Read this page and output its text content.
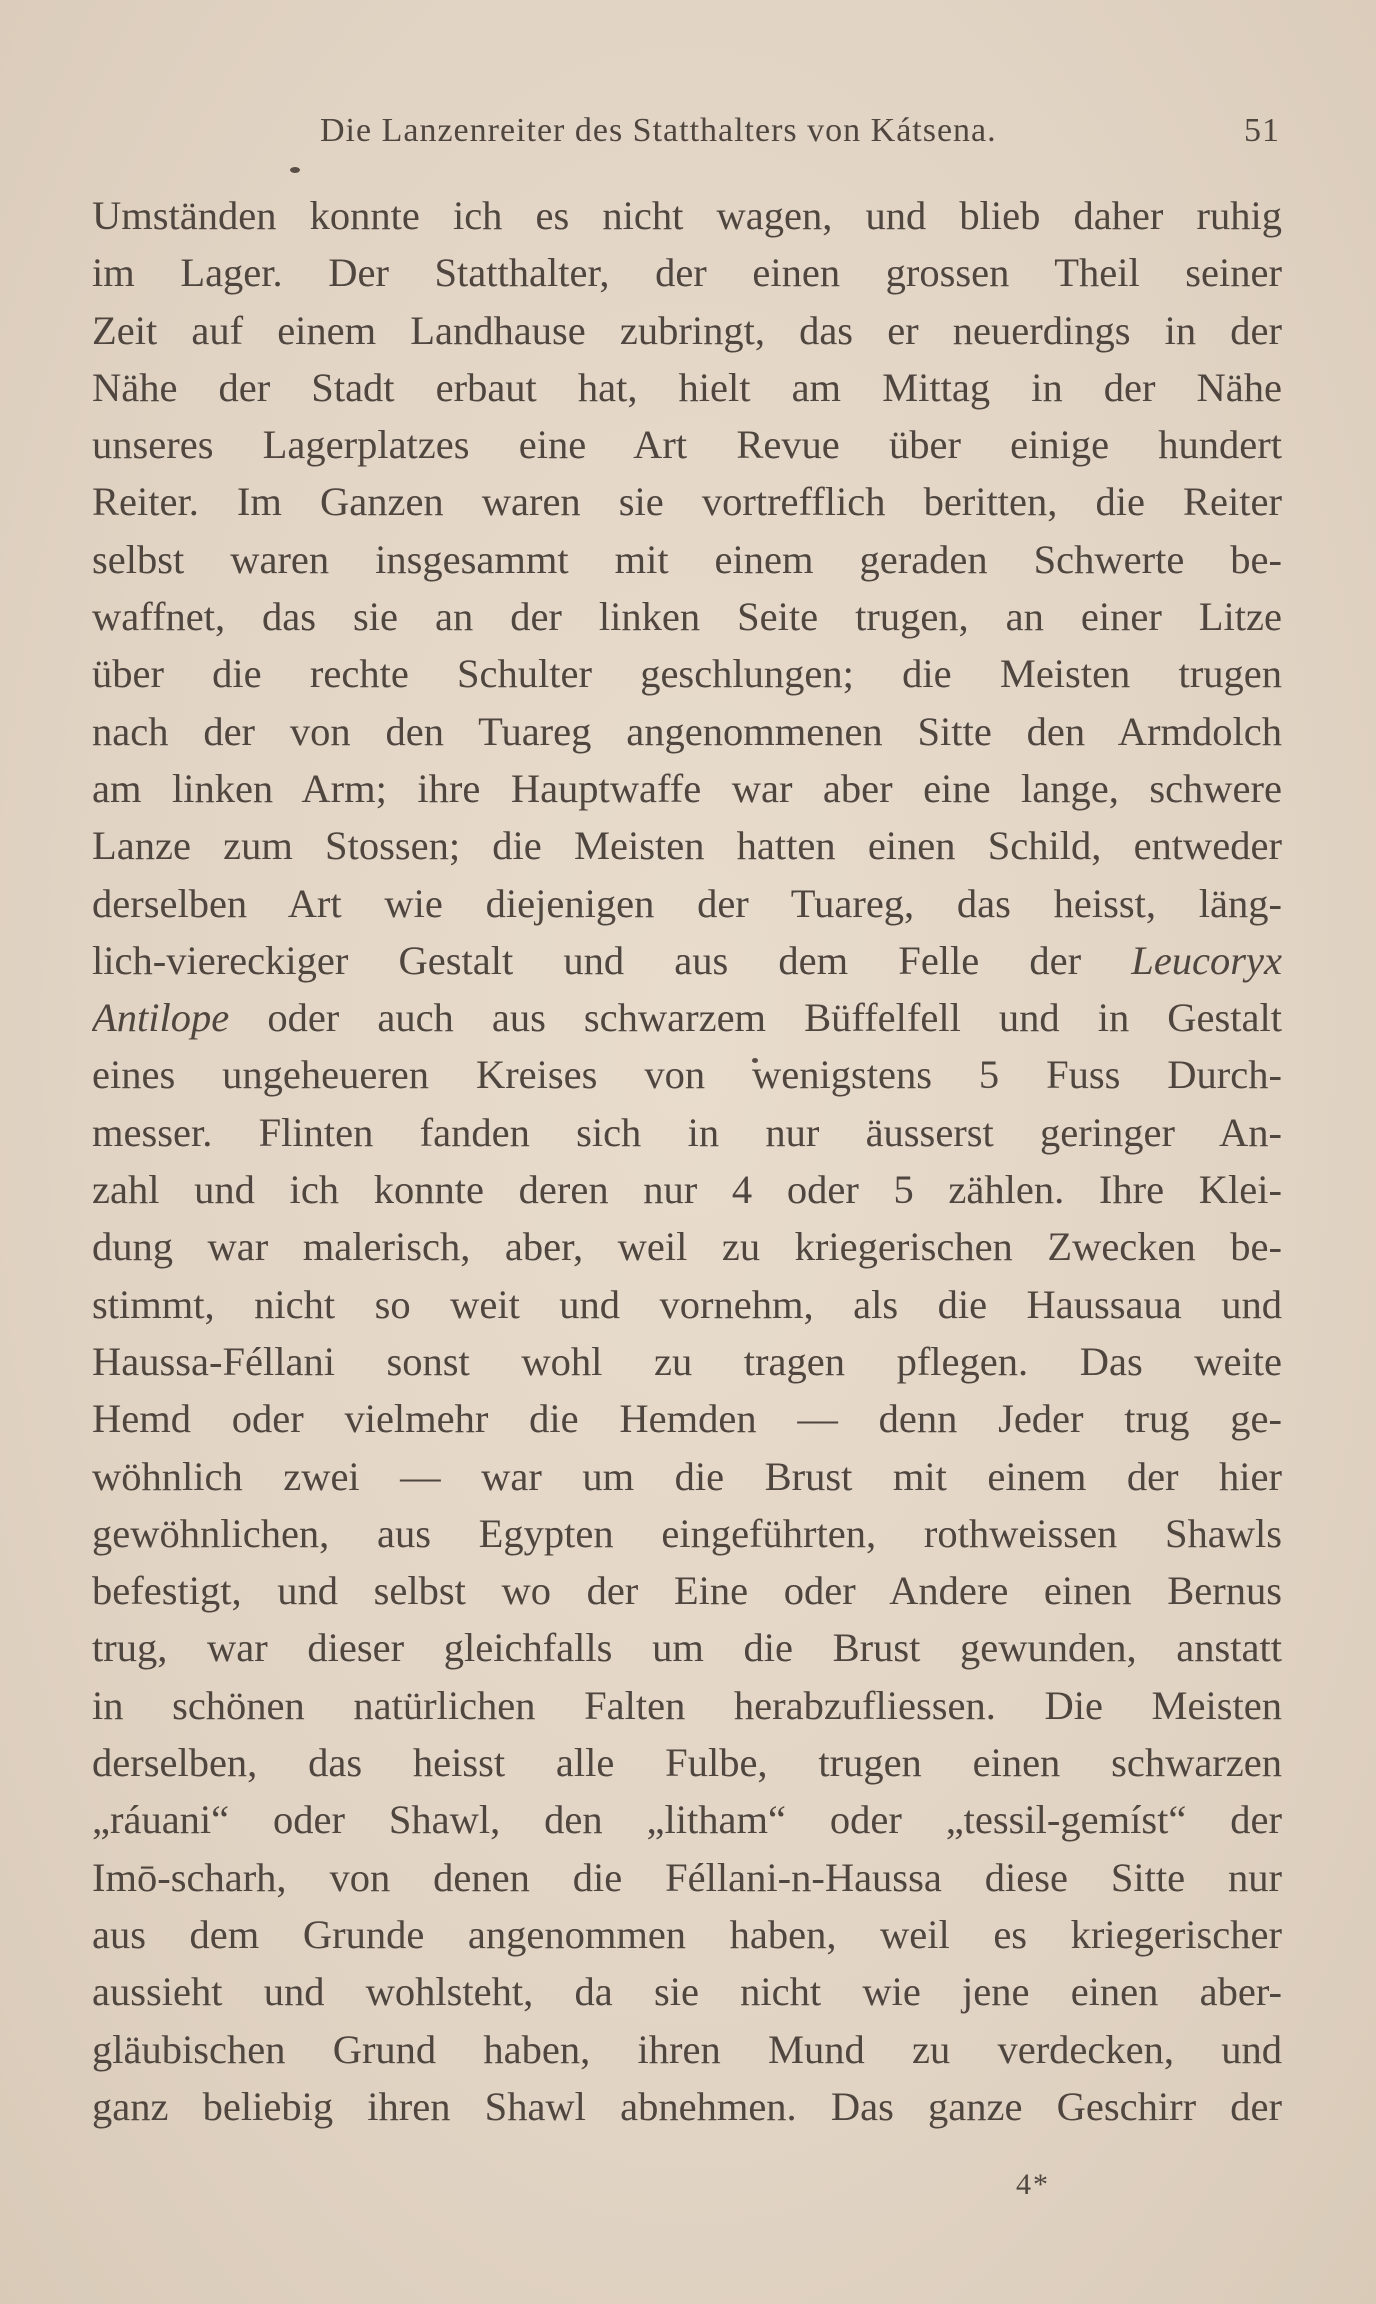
Die Lanzenreiter des Statthalters von Kátsena.	51
Umständen konnte ich es nicht wagen, und blieb daher ruhig
im Lager. Der Statthalter, der einen grossen Theil seiner
Zeit auf einem Landhause zubringt, das er neuerdings in der
Nähe der Stadt erbaut hat, hielt am Mittag in der Nähe
unseres Lagerplatzes eine Art Revue über einige hundert
Reiter. Im Ganzen waren sie vortrefflich beritten, die Reiter
selbst waren insgesammt mit einem geraden Schwerte be-
waffnet, das sie an der linken Seite trugen, an einer Litze
über die rechte Schulter geschlungen; die Meisten trugen
nach der von den Tuareg angenommenen Sitte den Armdolch
am linken Arm; ihre Hauptwaffe war aber eine lange, schwere
Lanze zum Stossen; die Meisten hatten einen Schild, entweder
derselben Art wie diejenigen der Tuareg, das heisst, läng-
lich-viereckiger Gestalt und aus dem Felle der Leucoryx
Antilope oder auch aus schwarzem Büffelfell und in Gestalt
eines ungeheueren Kreises von wenigstens 5 Fuss Durch-
messer. Flinten fanden sich in nur äusserst geringer An-
zahl und ich konnte deren nur 4 oder 5 zählen. Ihre Klei-
dung war malerisch, aber, weil zu kriegerischen Zwecken be-
stimmt, nicht so weit und vornehm, als die Haussaua und
Haussa-Féllani sonst wohl zu tragen pflegen. Das weite
Hemd oder vielmehr die Hemden — denn Jeder trug ge-
wöhnlich zwei — war um die Brust mit einem der hier
gewöhnlichen, aus Egypten eingeführten, rothweissen Shawls
befestigt, und selbst wo der Eine oder Andere einen Bernus
trug, war dieser gleichfalls um die Brust gewunden, anstatt
in schönen natürlichen Falten herabzufliessen. Die Meisten
derselben, das heisst alle Fulbe, trugen einen schwarzen
„ráuani“ oder Shawl, den „litham“ oder „tessil-gemíst“ der
Imō-scharh, von denen die Féllani-n-Haussa diese Sitte nur
aus dem Grunde angenommen haben, weil es kriegerischer
aussieht und wohlsteht, da sie nicht wie jene einen aber-
gläubischen Grund haben, ihren Mund zu verdecken, und
ganz beliebig ihren Shawl abnehmen. Das ganze Geschirr der
4*
